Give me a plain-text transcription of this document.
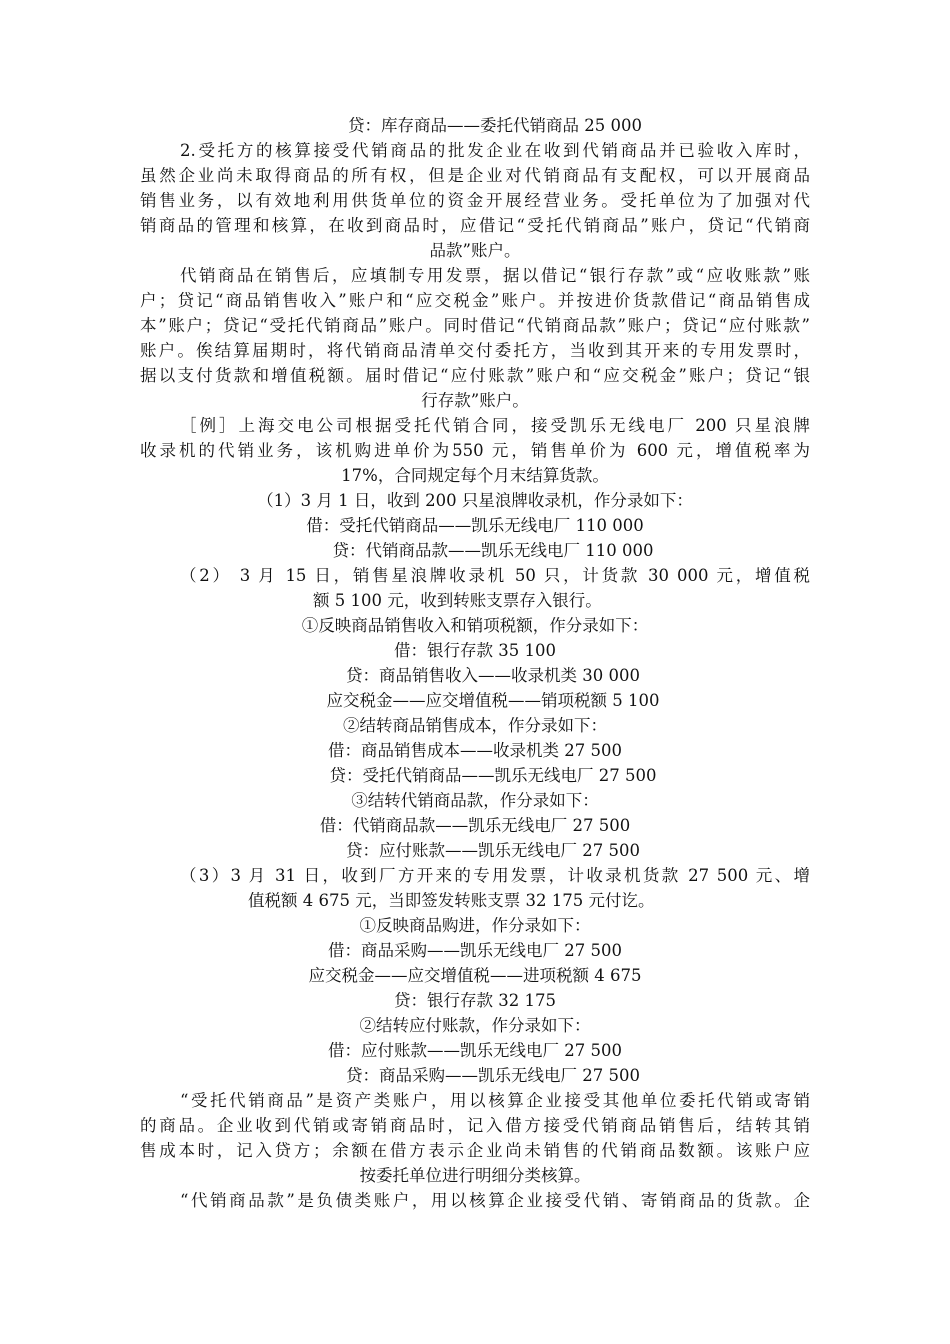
贷：库存商品——委托代销商品 25 000
2.受托方的核算接受代销商品的批发企业在收到代销商品并已验收入库时，
虽然企业尚未取得商品的所有权，但是企业对代销商品有支配权，可以开展商品
销售业务，以有效地利用供货单位的资金开展经营业务。受托单位为了加强对代
销商品的管理和核算，在收到商品时，应借记“受托代销商品”账户，贷记“代销商
品款”账户。
代销商品在销售后，应填制专用发票，据以借记“银行存款”或“应收账款”账
户；贷记“商品销售收入”账户和“应交税金”账户。并按进价货款借记“商品销售成
本”账户；贷记“受托代销商品”账户。同时借记“代销商品款”账户；贷记“应付账款”
账户。俟结算届期时，将代销商品清单交付委托方，当收到其开来的专用发票时，
据以支付货款和增值税额。届时借记“应付账款”账户和“应交税金”账户；贷记“银
行存款”账户。
［例］上海交电公司根据受托代销合同，接受凯乐无线电厂 200 只星浪牌
收录机的代销业务，该机购进单价为550 元，销售单价为 600 元，增值税率为
17%，合同规定每个月末结算货款。
（1）3 月 1 日，收到 200 只星浪牌收录机，作分录如下：
借：受托代销商品——凯乐无线电厂 110 000
贷：代销商品款——凯乐无线电厂 110 000
（2） 3 月 15 日，销售星浪牌收录机 50 只，计货款 30 000 元，增值税
额 5 100 元，收到转账支票存入银行。
①反映商品销售收入和销项税额，作分录如下：
借：银行存款 35 100
贷：商品销售收入——收录机类 30 000
应交税金——应交增值税——销项税额 5 100
②结转商品销售成本，作分录如下：
借：商品销售成本——收录机类 27 500
贷：受托代销商品——凯乐无线电厂 27 500
③结转代销商品款，作分录如下：
借：代销商品款——凯乐无线电厂 27 500
贷：应付账款——凯乐无线电厂 27 500
（3）3 月 31 日，收到厂方开来的专用发票，计收录机货款 27 500 元、增
值税额 4 675 元，当即签发转账支票 32 175 元付讫。
①反映商品购进，作分录如下：
借：商品采购——凯乐无线电厂 27 500
应交税金——应交增值税——进项税额 4 675
贷：银行存款 32 175
②结转应付账款，作分录如下：
借：应付账款——凯乐无线电厂 27 500
贷：商品采购——凯乐无线电厂 27 500
“受托代销商品”是资产类账户，用以核算企业接受其他单位委托代销或寄销
的商品。企业收到代销或寄销商品时，记入借方接受代销商品销售后，结转其销
售成本时，记入贷方；余额在借方表示企业尚未销售的代销商品数额。该账户应
按委托单位进行明细分类核算。
“代销商品款”是负债类账户，用以核算企业接受代销、寄销商品的货款。企
